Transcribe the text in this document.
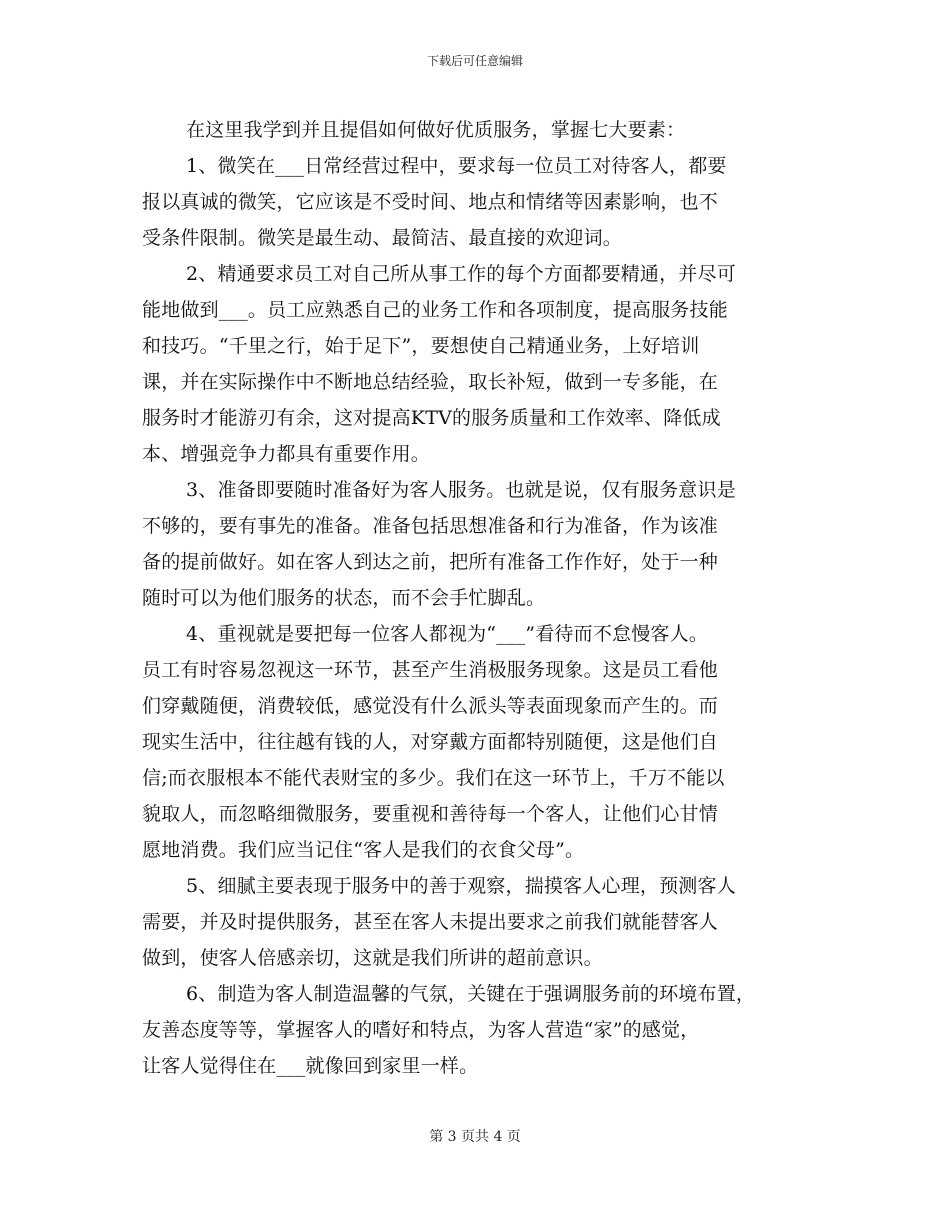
下载后可任意编辑
在这里我学到并且提倡如何做好优质服务，掌握七大要素：
1、微笑在___日常经营过程中，要求每一位员工对待客人，都要
报以真诚的微笑，它应该是不受时间、地点和情绪等因素影响，也不
受条件限制。微笑是最生动、最简洁、最直接的欢迎词。
2、精通要求员工对自己所从事工作的每个方面都要精通，并尽可
能地做到___。员工应熟悉自己的业务工作和各项制度，提高服务技能
和技巧。“千里之行，始于足下”，要想使自己精通业务，上好培训
课，并在实际操作中不断地总结经验，取长补短，做到一专多能，在
服务时才能游刃有余，这对提高KTV的服务质量和工作效率、降低成
本、增强竞争力都具有重要作用。
3、准备即要随时准备好为客人服务。也就是说，仅有服务意识是
不够的，要有事先的准备。准备包括思想准备和行为准备，作为该准
备的提前做好。如在客人到达之前，把所有准备工作作好，处于一种
随时可以为他们服务的状态，而不会手忙脚乱。
4、重视就是要把每一位客人都视为“___”看待而不怠慢客人。
员工有时容易忽视这一环节，甚至产生消极服务现象。这是员工看他
们穿戴随便，消费较低，感觉没有什么派头等表面现象而产生的。而
现实生活中，往往越有钱的人，对穿戴方面都特别随便，这是他们自
信;而衣服根本不能代表财宝的多少。我们在这一环节上，千万不能以
貌取人，而忽略细微服务，要重视和善待每一个客人，让他们心甘情
愿地消费。我们应当记住“客人是我们的衣食父母”。
5、细腻主要表现于服务中的善于观察，揣摸客人心理，预测客人
需要，并及时提供服务，甚至在客人未提出要求之前我们就能替客人
做到，使客人倍感亲切，这就是我们所讲的超前意识。
6、制造为客人制造温馨的气氛，关键在于强调服务前的环境布置，
友善态度等等，掌握客人的嗜好和特点，为客人营造“家”的感觉，
让客人觉得住在___就像回到家里一样。
第 3 页共 4 页
